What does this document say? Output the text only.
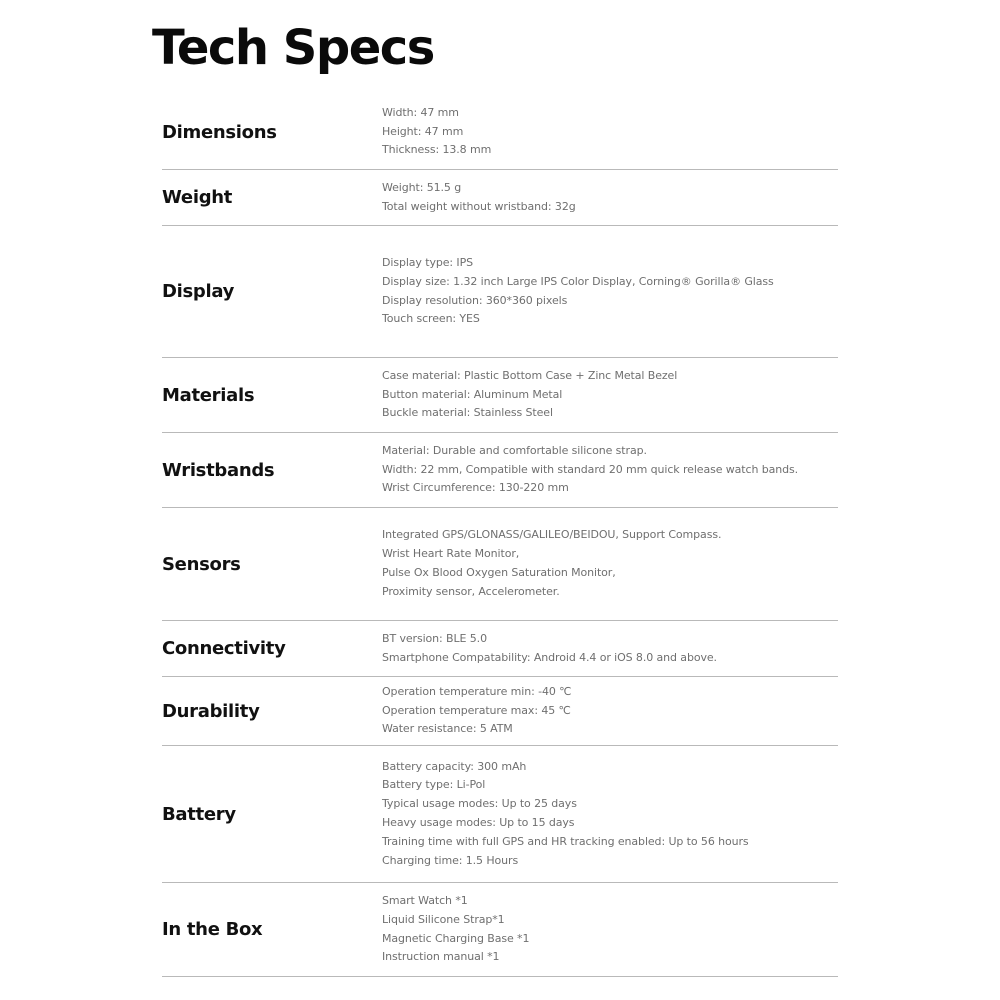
Tech Specs
Dimensions
Width: 47 mm
Height: 47 mm
Thickness: 13.8 mm
Weight	Weight: 51.5 g
Total weight without wristband: 32g
Display
Display type: IPS
Display size: 1.32 inch Large IPS Color Display, Corning® Gorilla® Glass
Display resolution: 360*360 pixels
Touch screen: YES
Materials
Case material: Plastic Bottom Case + Zinc Metal Bezel
Button material: Aluminum Metal
Buckle material: Stainless Steel
Wristbands
Material: Durable and comfortable silicone strap.
Width: 22 mm, Compatible with standard 20 mm quick release watch bands.
Wrist Circumference: 130-220 mm
Sensors
Integrated GPS/GLONASS/GALILEO/BEIDOU, Support Compass.
Wrist Heart Rate Monitor,
Pulse Ox Blood Oxygen Saturation Monitor,
Proximity sensor, Accelerometer.
Connectivity	BT version: BLE 5.0
Smartphone Compatability: Android 4.4 or iOS 8.0 and above.
Durability
Operation temperature min: -40 ℃
Operation temperature max: 45 ℃
Water resistance: 5 ATM
Battery
Battery capacity: 300 mAh
Battery type: Li-Pol
Typical usage modes: Up to 25 days
Heavy usage modes: Up to 15 days
Training time with full GPS and HR tracking enabled: Up to 56 hours
Charging time: 1.5 Hours
In the Box
Smart Watch *1
Liquid Silicone Strap*1
Magnetic Charging Base *1
Instruction manual *1
